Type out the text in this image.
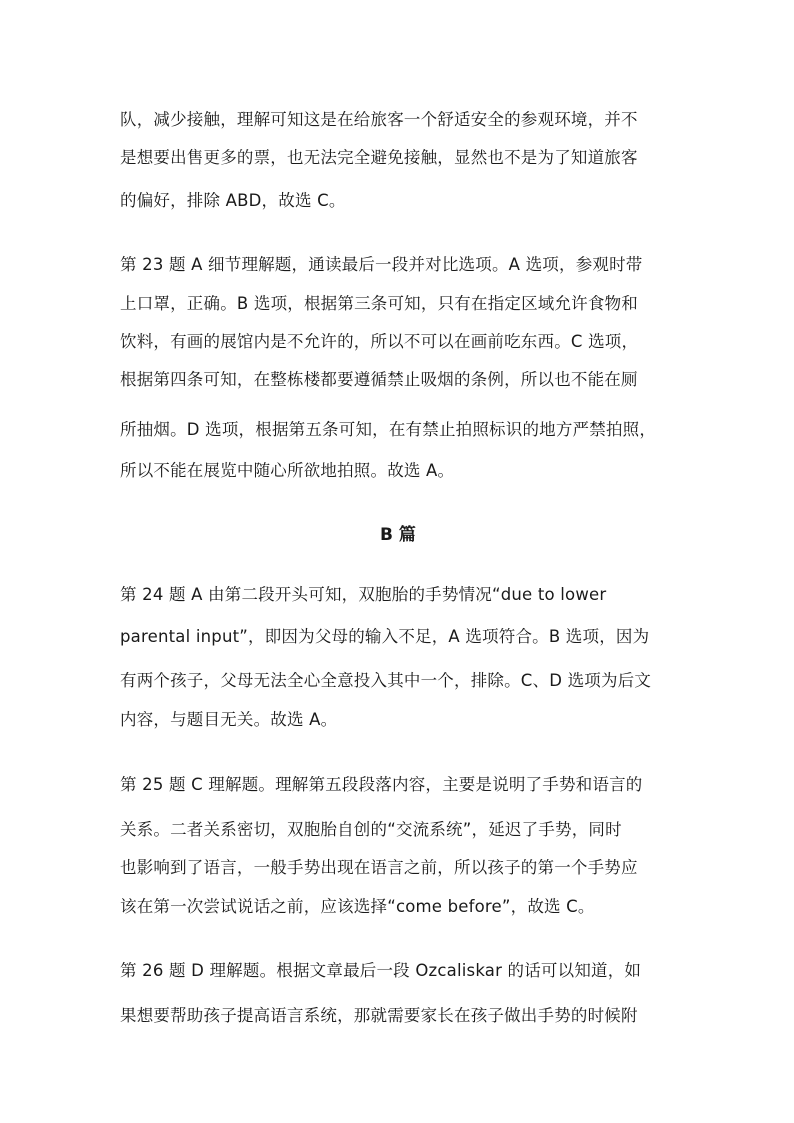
队，减少接触，理解可知这是在给旅客一个舒适安全的参观环境，并不
是想要出售更多的票，也无法完全避免接触，显然也不是为了知道旅客
的偏好，排除 ABD，故选 C。
第 23 题 A 细节理解题，通读最后一段并对比选项。A 选项，参观时带
上口罩，正确。B 选项，根据第三条可知，只有在指定区域允许食物和
饮料，有画的展馆内是不允许的，所以不可以在画前吃东西。C 选项，
根据第四条可知，在整栋楼都要遵循禁止吸烟的条例，所以也不能在厕
所抽烟。D 选项，根据第五条可知，在有禁止拍照标识的地方严禁拍照，
所以不能在展览中随心所欲地拍照。故选 A。
B 篇
第 24 题 A 由第二段开头可知，双胞胎的手势情况“due to lower
parental input”，即因为父母的输入不足，A 选项符合。B 选项，因为
有两个孩子，父母无法全心全意投入其中一个，排除。C、D 选项为后文
内容，与题目无关。故选 A。
第 25 题 C 理解题。理解第五段段落内容，主要是说明了手势和语言的
关系。二者关系密切，双胞胎自创的“交流系统”，延迟了手势，同时
也影响到了语言，一般手势出现在语言之前，所以孩子的第一个手势应
该在第一次尝试说话之前，应该选择“come before”，故选 C。
第 26 题 D 理解题。根据文章最后一段 Ozcaliskar 的话可以知道，如
果想要帮助孩子提高语言系统，那就需要家长在孩子做出手势的时候附
